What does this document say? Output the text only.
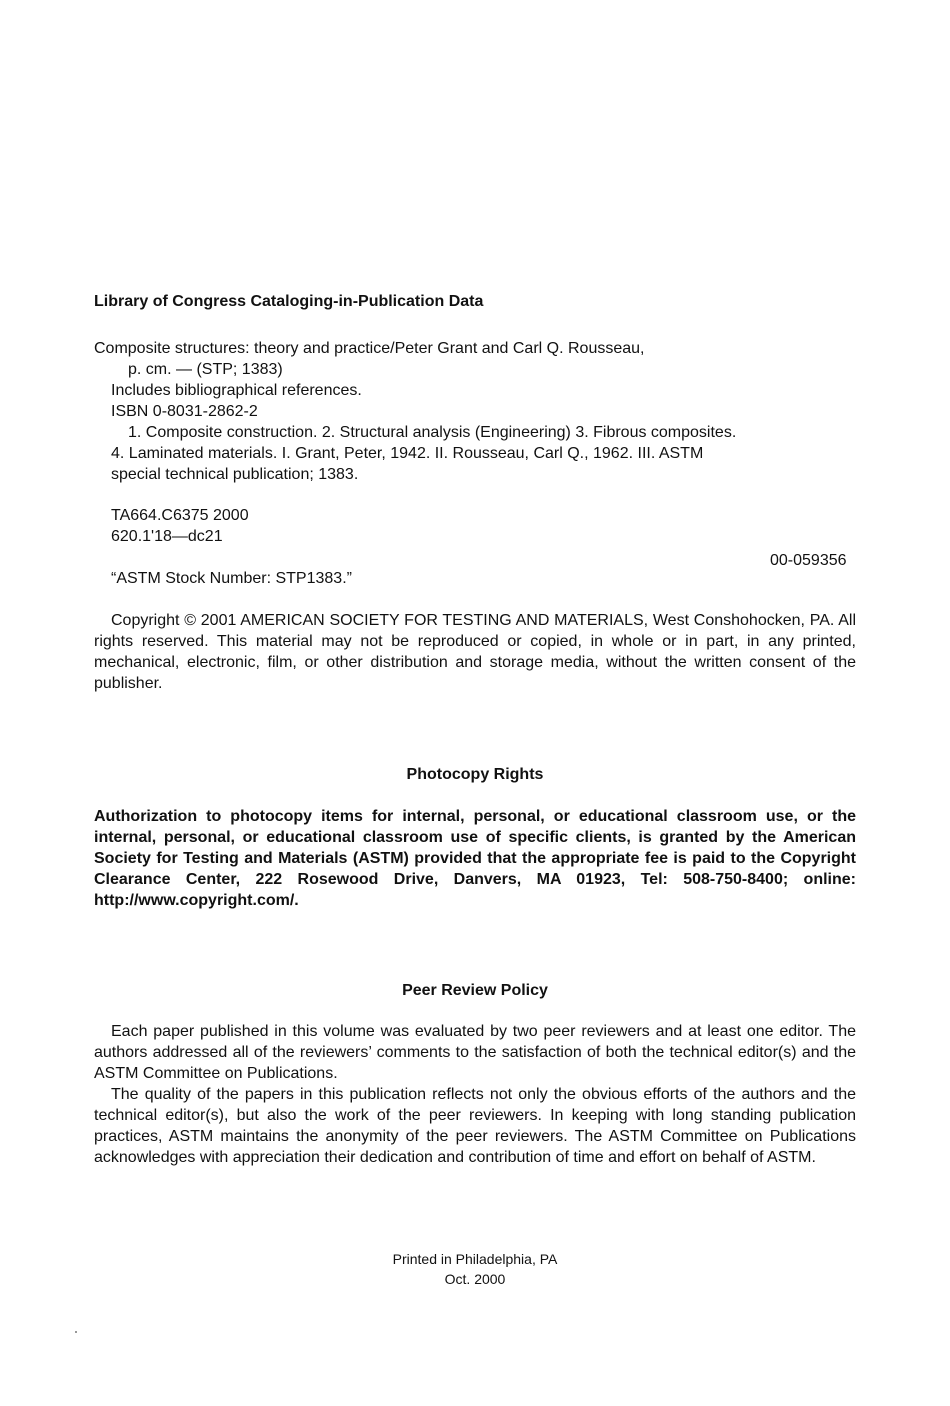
Library of Congress Cataloging-in-Publication Data
Composite structures: theory and practice/Peter Grant and Carl Q. Rousseau,
p. cm. — (STP; 1383)
Includes bibliographical references.
ISBN 0-8031-2862-2
1. Composite construction. 2. Structural analysis (Engineering) 3. Fibrous composites.
4. Laminated materials. I. Grant, Peter, 1942. II. Rousseau, Carl Q., 1962. III. ASTM
special technical publication; 1383.
TA664.C6375 2000
620.1'18—dc21
00-059356
“ASTM Stock Number: STP1383.”
Copyright © 2001 AMERICAN SOCIETY FOR TESTING AND MATERIALS, West Conshohocken, PA. All rights reserved. This material may not be reproduced or copied, in whole or in part, in any printed, mechanical, electronic, film, or other distribution and storage media, without the written consent of the publisher.
Photocopy Rights
Authorization to photocopy items for internal, personal, or educational classroom use, or the internal, personal, or educational classroom use of specific clients, is granted by the American Society for Testing and Materials (ASTM) provided that the appropriate fee is paid to the Copyright Clearance Center, 222 Rosewood Drive, Danvers, MA 01923, Tel: 508-750-8400; online: http://www.copyright.com/.
Peer Review Policy

Each paper published in this volume was evaluated by two peer reviewers and at least one editor. The authors addressed all of the reviewers’ comments to the satisfaction of both the technical editor(s) and the ASTM Committee on Publications.

The quality of the papers in this publication reflects not only the obvious efforts of the authors and the technical editor(s), but also the work of the peer reviewers. In keeping with long standing publication practices, ASTM maintains the anonymity of the peer reviewers. The ASTM Committee on Publications acknowledges with appreciation their dedication and contribution of time and effort on behalf of ASTM.

Printed in Philadelphia, PA
Oct. 2000
